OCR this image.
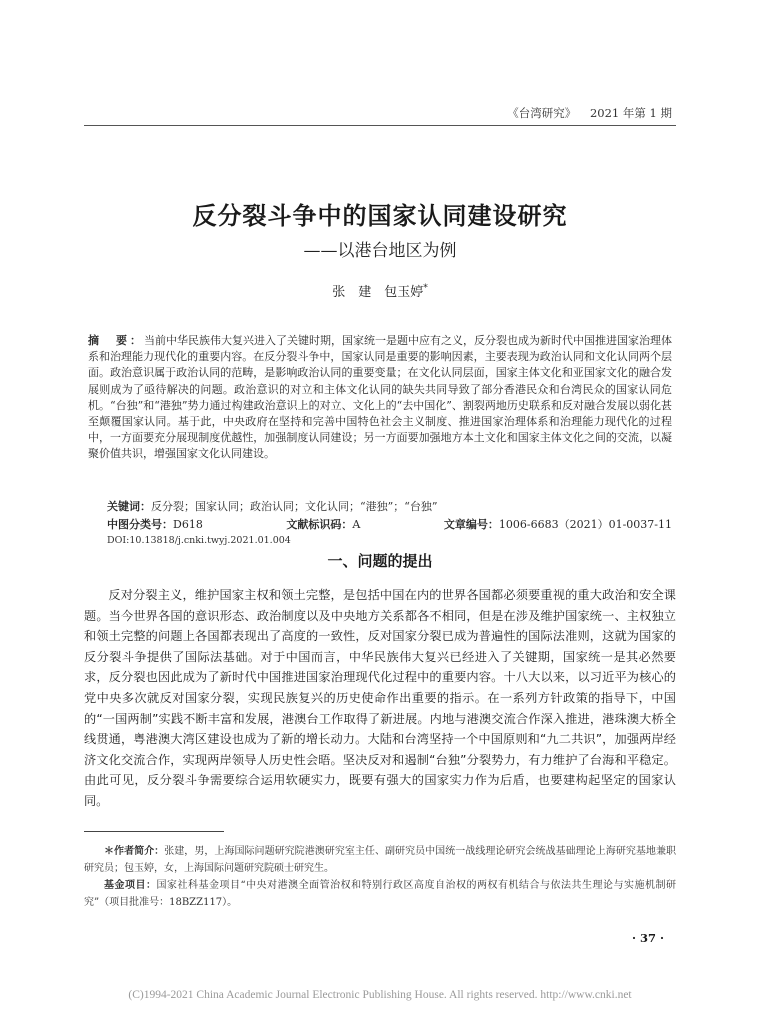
《台湾研究》 2021 年第 1 期
反分裂斗争中的国家认同建设研究
——以港台地区为例
张　建　包玉婷*
摘　要：当前中华民族伟大复兴进入了关键时期，国家统一是题中应有之义，反分裂也成为新时代中国推进国家治理体系和治理能力现代化的重要内容。在反分裂斗争中，国家认同是重要的影响因素，主要表现为政治认同和文化认同两个层面。政治意识属于政治认同的范畴，是影响政治认同的重要变量；在文化认同层面，国家主体文化和亚国家文化的融合发展则成为了亟待解决的问题。政治意识的对立和主体文化认同的缺失共同导致了部分香港民众和台湾民众的国家认同危机。“台独”和“港独”势力通过构建政治意识上的对立、文化上的“去中国化”、割裂两地历史联系和反对融合发展以弱化甚至颠覆国家认同。基于此，中央政府在坚持和完善中国特色社会主义制度、推进国家治理体系和治理能力现代化的过程中，一方面要充分展现制度优越性，加强制度认同建设；另一方面要加强地方本土文化和国家主体文化之间的交流，以凝聚价值共识，增强国家文化认同建设。
关键词：反分裂；国家认同；政治认同；文化认同；“港独”；“台独”
中图分类号：D618	文献标识码：A	文章编号：1006-6683（2021）01-0037-11
DOI:10.13818/j.cnki.twyj.2021.01.004
一、问题的提出
反对分裂主义，维护国家主权和领土完整，是包括中国在内的世界各国都必须要重视的重大政治和安全课题。当今世界各国的意识形态、政治制度以及中央地方关系都各不相同，但是在涉及维护国家统一、主权独立和领土完整的问题上各国都表现出了高度的一致性，反对国家分裂已成为普遍性的国际法准则，这就为国家的反分裂斗争提供了国际法基础。对于中国而言，中华民族伟大复兴已经进入了关键期，国家统一是其必然要求，反分裂也因此成为了新时代中国推进国家治理现代化过程中的重要内容。十八大以来，以习近平为核心的党中央多次就反对国家分裂，实现民族复兴的历史使命作出重要的指示。在一系列方针政策的指导下，中国的“一国两制”实践不断丰富和发展，港澳台工作取得了新进展。内地与港澳交流合作深入推进，港珠澳大桥全线贯通，粤港澳大湾区建设也成为了新的增长动力。大陆和台湾坚持一个中国原则和“九二共识”，加强两岸经济文化交流合作，实现两岸领导人历史性会晤。坚决反对和遏制“台独”分裂势力，有力维护了台海和平稳定。由此可见，反分裂斗争需要综合运用软硬实力，既要有强大的国家实力作为后盾，也要建构起坚定的国家认同。
＊作者简介：张建，男，上海国际问题研究院港澳研究室主任、副研究员中国统一战线理论研究会统战基础理论上海研究基地兼职研究员；包玉婷，女，上海国际问题研究院硕士研究生。
基金项目：国家社科基金项目“中央对港澳全面管治权和特别行政区高度自治权的两权有机结合与依法共生理论与实施机制研究”（项目批准号：18BZZ117）。
· 37 ·
(C)1994-2021 China Academic Journal Electronic Publishing House. All rights reserved. http://www.cnki.net
